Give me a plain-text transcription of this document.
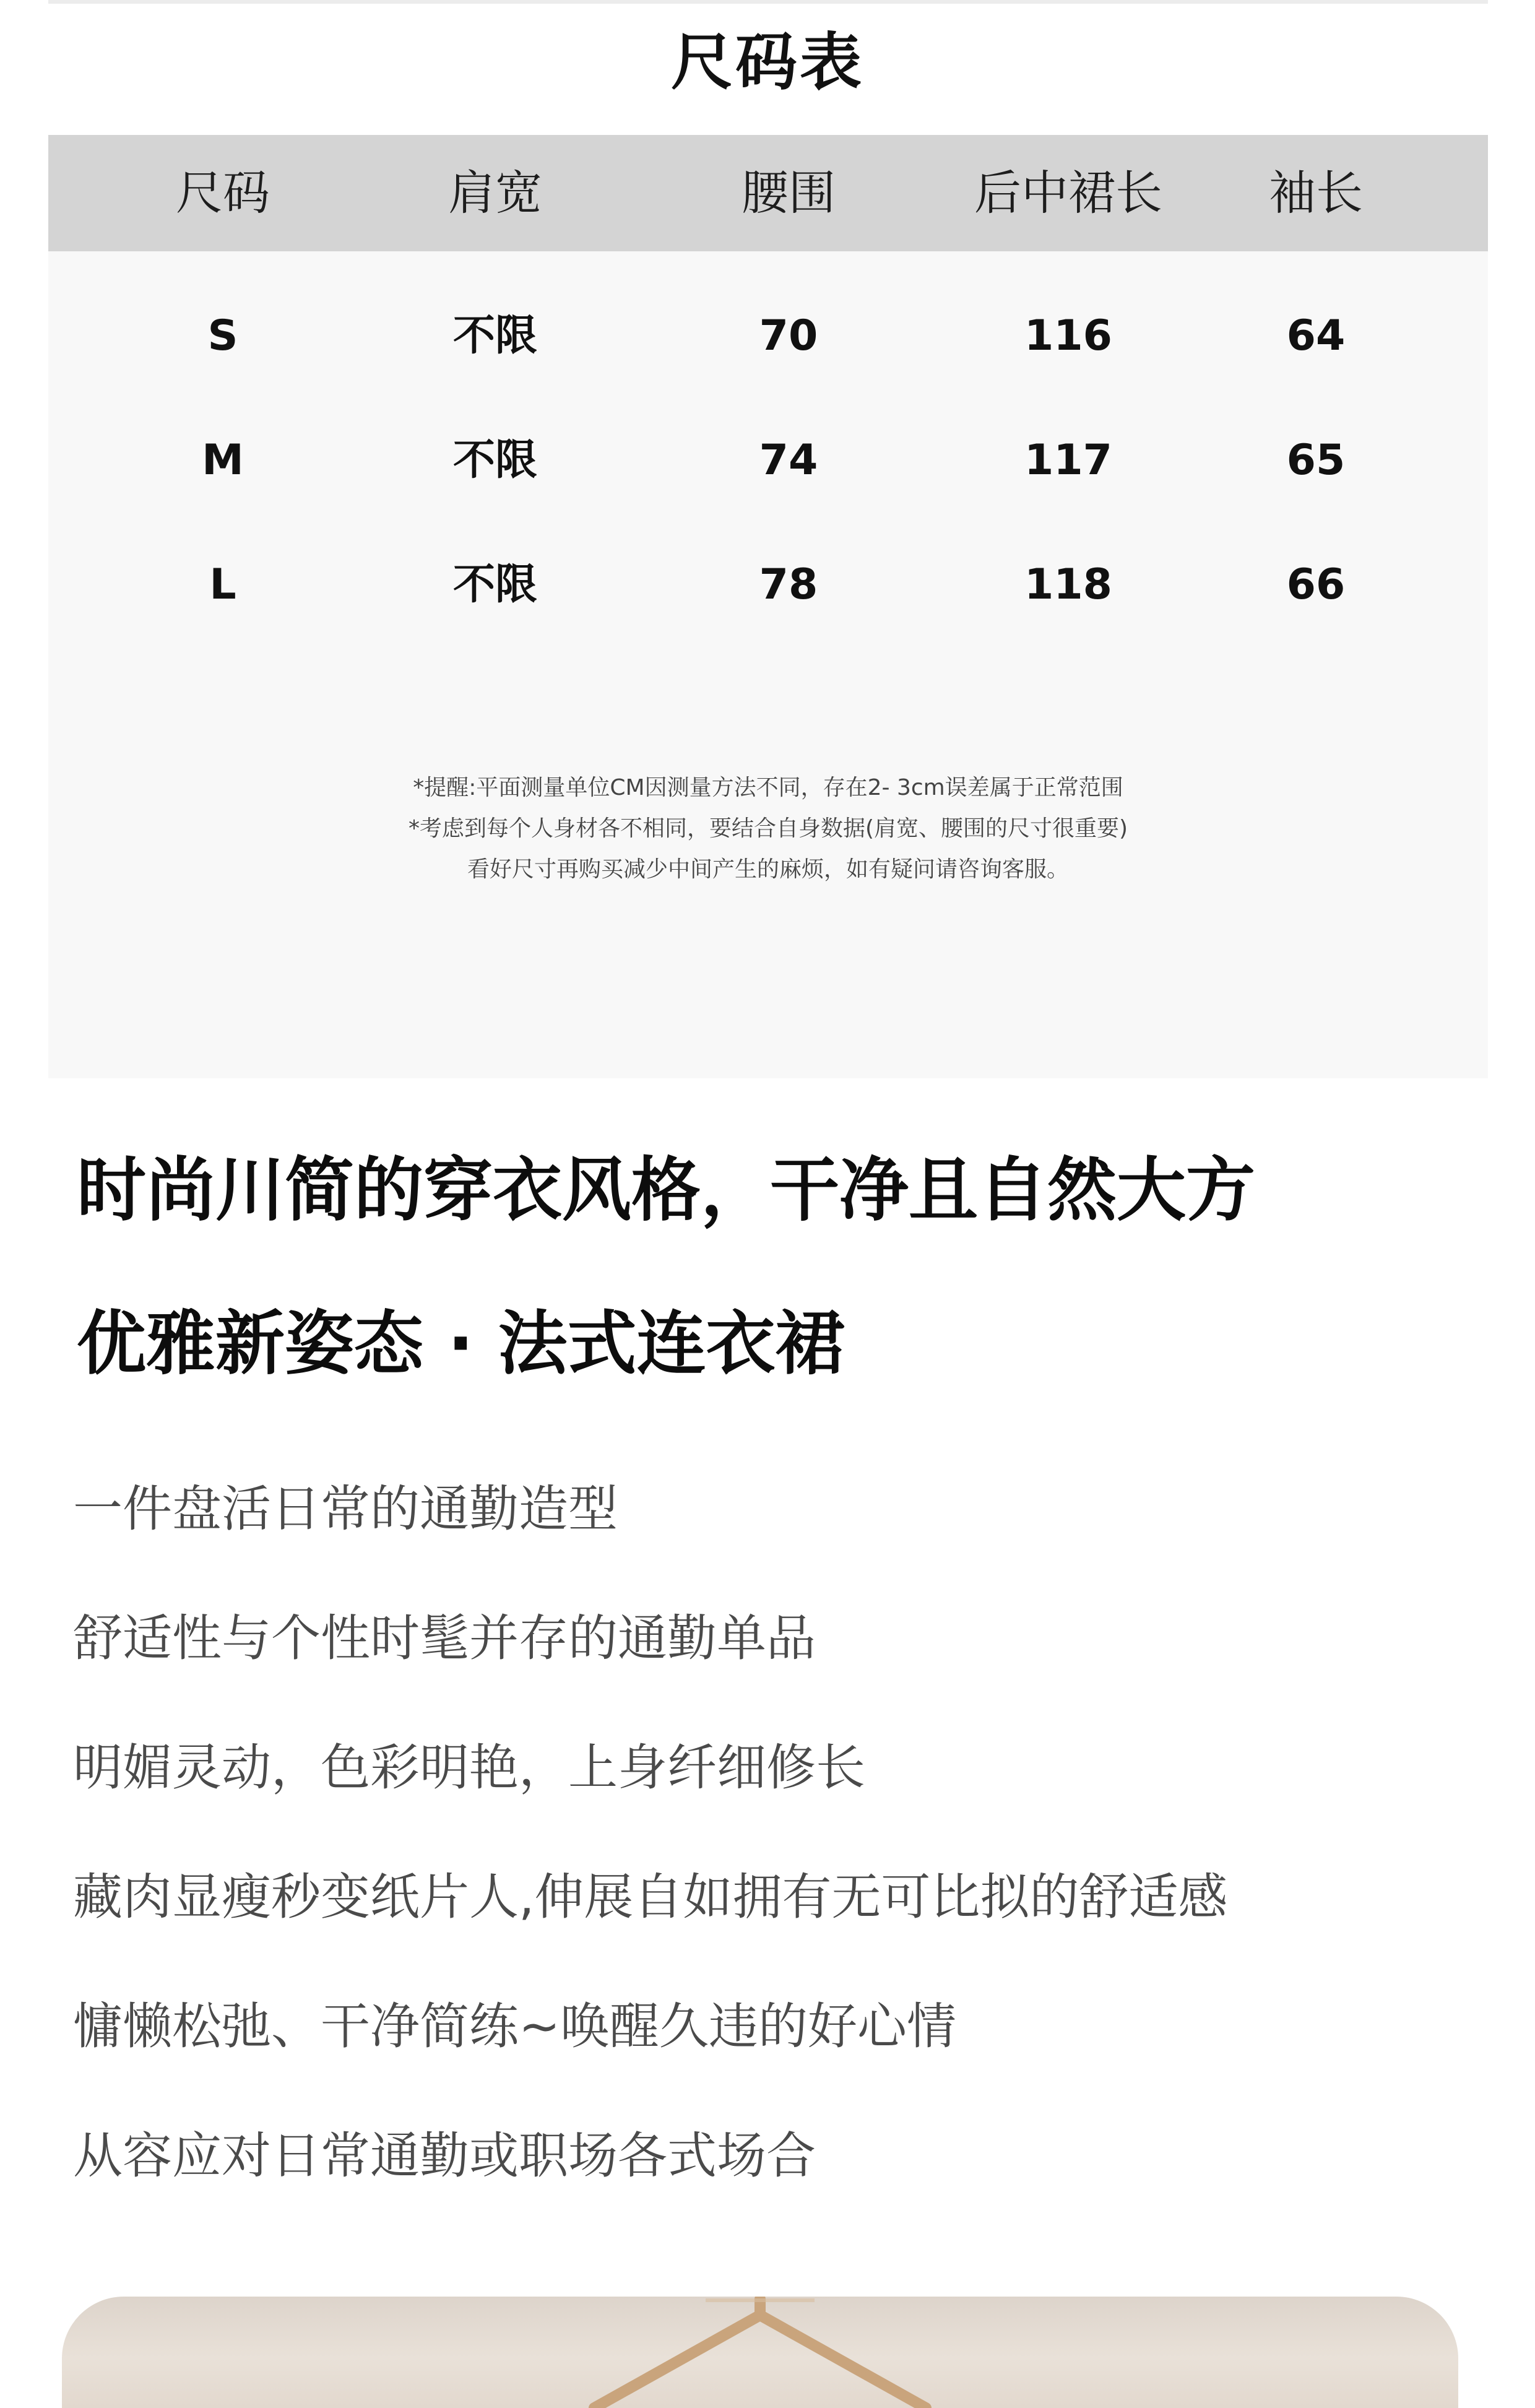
尺码表
尺码	肩宽	腰围	后中裙长	袖长
S	不限	70	116	64
M	不限	74	117	65
L	不限	78	118	66
*提醒:平面测量单位CM因测量方法不同，存在2- 3cm误差属于正常范围
*考虑到每个人身材各不相同，要结合自身数据(肩宽、腰围的尺寸很重要)
看好尺寸再购买减少中间产生的麻烦，如有疑问请咨询客服。
时尚川简的穿衣风格，干净且自然大方
优雅新姿态 · 法式连衣裙
一件盘活日常的通勤造型
舒适性与个性时髦并存的通勤单品
明媚灵动，色彩明艳，上身纤细修长
藏肉显瘦秒变纸片人,伸展自如拥有无可比拟的舒适感
慵懒松弛、干净简练~唤醒久违的好心情
从容应对日常通勤或职场各式场合
